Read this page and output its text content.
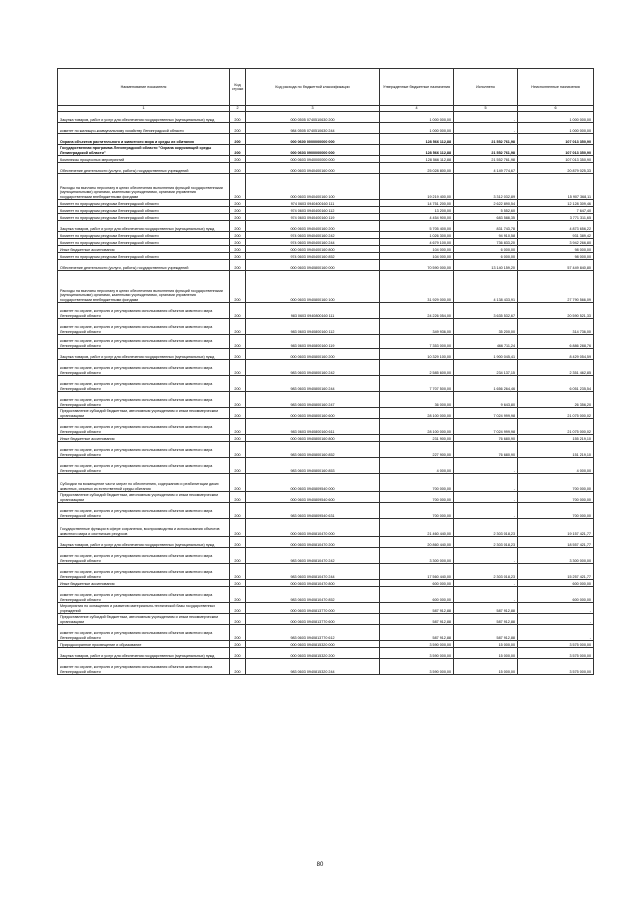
Наименование показателя	Код строки	Код расхода по бюджетной классификации	Утвержденные бюджетные назначения	Исполнено	Неисполненные назначения
1	2	3	4	5	6
Закупка товаров, работ и услуг для обеспечения государственных (муниципальных) нужд	200	000 0505 0740510630 200	1 000 000,00	-	1 000 000,00
комитет по жилищно-коммунальному хозяйству Ленинградской области	200	984 0505 0740510630 244	1 000 000,00	-	1 000 000,00
Охрана объектов растительного и животного мира и среды их обитания	200	000 0600 0000000000 000	128 566 112,88	21 552 761,98	107 013 350,90
Государственная программа Ленинградской области "Охрана окружающей среды Ленинградской области"	200	000 0603 0900000000 000	128 566 112,88	21 552 761,98	107 013 350,90
Комплексы процессных мероприятий	200	000 0603 0940000000 000	128 566 112,88	21 552 761,98	107 013 350,90
Обеспечение деятельности (услуги, работы) государственных учреждений	200	000 0603 0940400160 000	25 028 800,00	4 149 774,67	20 879 025,33
Расходы на выплаты персоналу в целях обеспечения выполнения функций государственными (муниципальными) органами, казенными учреждениями, органами управления государственными внебюджетными фондами	200	000 0603 0940400160 100	19 219 400,00	3 312 032,89	15 907 368,11
Комитет по природным ресурсам Ленинградской области	200	974 0603 0940400160 111	14 751 200,00	2 622 890,54	12 128 309,46
Комитет по природным ресурсам Ленинградской области	200	974 0603 0940400160 112	13 200,00	5 552,60	7 647,40
Комитет по природным ресурсам Ленинградской области	200	974 0603 0940400160 119	4 454 900,00	683 588,35	3 771 311,65
Закупка товаров, работ и услуг для обеспечения государственных (муниципальных) нужд	200	000 0603 0940400160 200	5 705 400,00	831 743,78	4 873 656,22
Комитет по природным ресурсам Ленинградской области	200	974 0603 0940400160 242	1 026 300,00	94 910,58	931 389,42
Комитет по природным ресурсам Ленинградской области	200	974 0603 0940400160 244	4 679 100,00	736 833,20	3 942 266,80
Иные бюджетные ассигнования	200	000 0603 0940400160 800	104 000,00	6 000,00	98 000,00
Комитет по природным ресурсам Ленинградской области	200	974 0603 0940400160 852	104 000,00	6 000,00	98 000,00
Обеспечение деятельности (услуги, работы) государственных учреждений	200	000 0603 0940800160 000	70 590 000,00	13 140 159,20	57 449 840,80
Расходы на выплаты персоналу в целях обеспечения выполнения функций государственными (муниципальными) органами, казенными учреждениями, органами управления государственными внебюджетными фондами	200	000 0603 0940800160 100	31 929 000,00	4 138 433,91	27 790 566,09
комитет по охране, контролю и регулированию использования объектов животного мира Ленинградской области	200	983 0603 0940800160 111	24 226 054,00	3 635 532,67	20 590 521,33
комитет по охране, контролю и регулированию использования объектов животного мира Ленинградской области	200	983 0603 0940800160 112	349 936,00	35 200,00	314 736,00
комитет по охране, контролю и регулированию использования объектов животного мира Ленинградской области	200	983 0603 0940800160 119	7 353 000,00	466 711,24	6 886 288,76
Закупка товаров, работ и услуг для обеспечения государственных (муниципальных) нужд	200	000 0603 0940800160 200	10 329 100,00	1 900 045,41	8 429 054,59
комитет по охране, контролю и регулированию использования объектов животного мира Ленинградской области	200	983 0603 0940800160 242	2 585 600,00	234 137,15	2 351 462,85
комитет по охране, контролю и регулированию использования объектов животного мира Ленинградской области	200	983 0603 0940800160 244	7 707 500,00	1 656 264,46	6 051 235,54
комитет по охране, контролю и регулированию использования объектов животного мира Ленинградской области	200	983 0603 0940800160 247	36 000,00	9 643,80	26 356,20
Предоставление субсидий бюджетным, автономным учреждениям и иным некоммерческим организациям	200	000 0603 0940800160 600	28 100 000,00	7 024 999,98	21 075 000,02
комитет по охране, контролю и регулированию использования объектов животного мира Ленинградской области	200	983 0603 0940800160 611	28 100 000,00	7 024 999,98	21 075 000,02
Иные бюджетные ассигнования	200	000 0603 0940800160 800	231 900,00	76 680,90	155 219,10
комитет по охране, контролю и регулированию использования объектов животного мира Ленинградской области	200	983 0603 0940800160 852	227 900,00	76 680,90	151 219,10
комитет по охране, контролю и регулированию использования объектов животного мира Ленинградской области	200	983 0603 0940800160 853	4 000,00	-	4 000,00
Субсидии на возмещение части затрат по обеспечению, содержанию и реабилитации диких животных, изъятых из естественной среды обитания	200	000 0603 0940809540 000	700 000,00	-	700 000,00
Предоставление субсидий бюджетным, автономным учреждениям и иным некоммерческим организациям	200	000 0603 0940809540 600	700 000,00	-	700 000,00
комитет по охране, контролю и регулированию использования объектов животного мира Ленинградской области	200	983 0603 0940809540 631	700 000,00	-	700 000,00
Государственные функции в сфере сохранения, воспроизводства и использования объектов животного мира и охотничьих ресурсов	200	000 0603 0940810470 000	21 460 440,00	2 303 018,23	19 157 421,77
Закупка товаров, работ и услуг для обеспечения государственных (муниципальных) нужд	200	000 0603 0940810470 200	20 860 440,00	2 303 018,23	18 557 421,77
комитет по охране, контролю и регулированию использования объектов животного мира Ленинградской области	200	983 0603 0940810470 242	3 300 000,00	-	3 300 000,00
комитет по охране, контролю и регулированию использования объектов животного мира Ленинградской области	200	983 0603 0940810470 244	17 560 440,00	2 303 018,23	15 257 421,77
Иные бюджетные ассигнования	200	000 0603 0940810470 800	600 000,00	-	600 000,00
комитет по охране, контролю и регулированию использования объектов животного мира Ленинградской области	200	983 0603 0940810470 852	600 000,00	-	600 000,00
Мероприятия по оснащению и развитию материально-технической базы государственных учреждений	200	000 0603 0940813770 000	587 912,88	587 912,88	-
Предоставление субсидий бюджетным, автономным учреждениям и иным некоммерческим организациям	200	000 0603 0940813770 600	587 912,88	587 912,88	-
комитет по охране, контролю и регулированию использования объектов животного мира Ленинградской области	200	983 0603 0940813770 612	587 912,88	587 912,88	-
Природоохранное просвещение и образование	200	000 0603 0940815320 000	3 590 000,00	15 000,00	3 575 000,00
Закупка товаров, работ и услуг для обеспечения государственных (муниципальных) нужд	200	000 0603 0940815320 200	3 590 000,00	15 000,00	3 575 000,00
комитет по охране, контролю и регулированию использования объектов животного мира Ленинградской области	200	983 0603 0940815320 244	3 590 000,00	15 000,00	3 575 000,00
80
